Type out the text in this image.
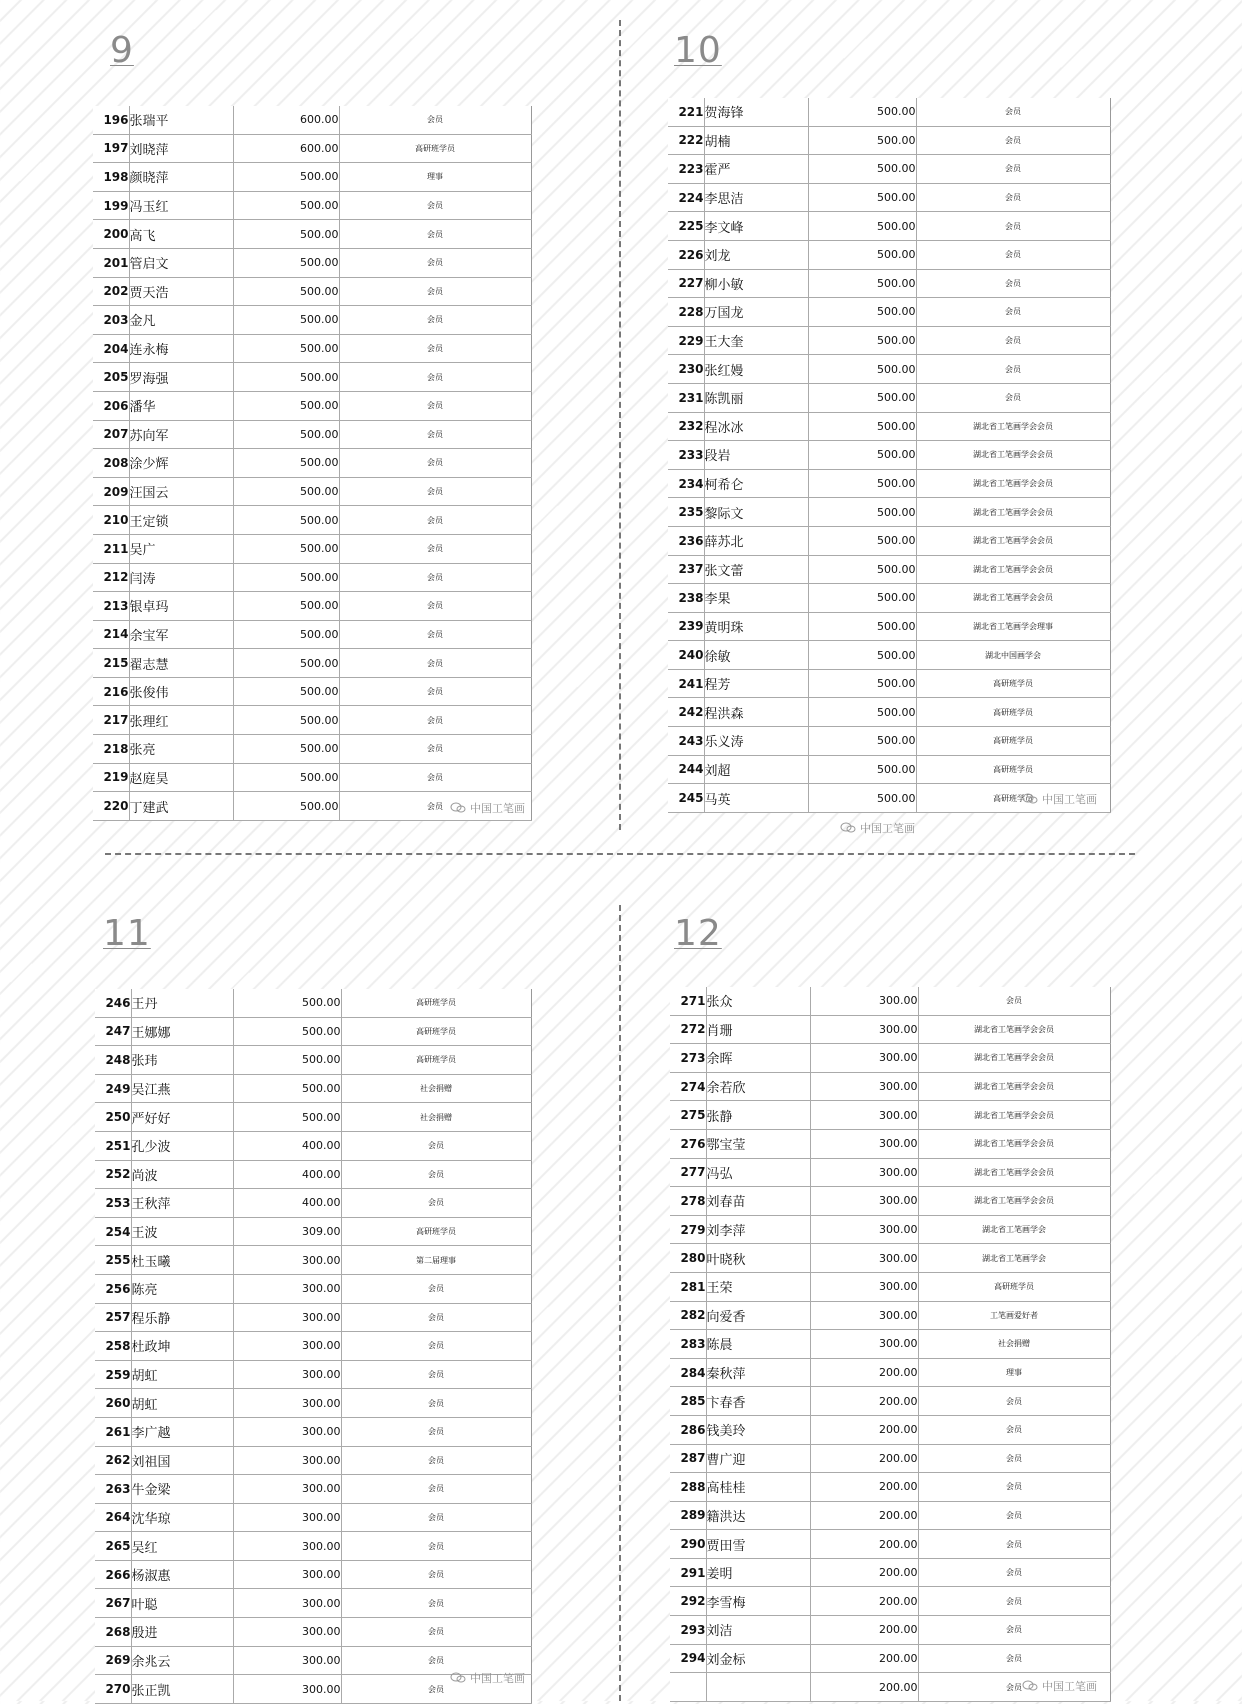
9
196	张瑞平	600.00	会员
197	刘晓萍	600.00	高研班学员
198	颜晓萍	500.00	理事
199	冯玉红	500.00	会员
200	高飞	500.00	会员
201	管启文	500.00	会员
202	贾天浩	500.00	会员
203	金凡	500.00	会员
204	连永梅	500.00	会员
205	罗海强	500.00	会员
206	潘华	500.00	会员
207	苏向军	500.00	会员
208	涂少辉	500.00	会员
209	汪国云	500.00	会员
210	王定锁	500.00	会员
211	吴广	500.00	会员
212	闫涛	500.00	会员
213	银卓玛	500.00	会员
214	余宝军	500.00	会员
215	翟志慧	500.00	会员
216	张俊伟	500.00	会员
217	张理红	500.00	会员
218	张亮	500.00	会员
219	赵庭昊	500.00	会员
220	丁建武	500.00	会员	中国工笔画
10
221	贺海锋	500.00	会员
222	胡楠	500.00	会员
223	霍严	500.00	会员
224	李思洁	500.00	会员
225	李文峰	500.00	会员
226	刘龙	500.00	会员
227	柳小敏	500.00	会员
228	万国龙	500.00	会员
229	王大奎	500.00	会员
230	张红嫚	500.00	会员
231	陈凯丽	500.00	会员
232	程冰冰	500.00	湖北省工笔画学会会员
233	段岩	500.00	湖北省工笔画学会会员
234	柯希仑	500.00	湖北省工笔画学会会员
235	黎际文	500.00	湖北省工笔画学会会员
236	薛苏北	500.00	湖北省工笔画学会会员
237	张文蕾	500.00	湖北省工笔画学会会员
238	李果	500.00	湖北省工笔画学会会员
239	黄明珠	500.00	湖北省工笔画学会理事
240	徐敏	500.00	湖北中国画学会
241	程芳	500.00	高研班学员
242	程洪森	500.00	高研班学员
243	乐义涛	500.00	高研班学员
244	刘超	500.00	高研班学员
245	马英	500.00	高研班学员 中国工笔画
中国工笔画
11
246	王丹	500.00	高研班学员
247	王娜娜	500.00	高研班学员
248	张玮	500.00	高研班学员
249	吴江燕	500.00	社会捐赠
250	严好好	500.00	社会捐赠
251	孔少波	400.00	会员
252	尚波	400.00	会员
253	王秋萍	400.00	会员
254	王波	309.00	高研班学员
255	杜玉曦	300.00	第二届理事
256	陈亮	300.00	会员
257	程乐静	300.00	会员
258	杜政坤	300.00	会员
259	胡虹	300.00	会员
260	胡虹	300.00	会员
261	李广越	300.00	会员
262	刘祖国	300.00	会员
263	牛金梁	300.00	会员
264	沈华琼	300.00	会员
265	吴红	300.00	会员
266	杨淑惠	300.00	会员
267	叶聪	300.00	会员
268	殷进	300.00	会员
269	余兆云	300.00	会员
270	张正凯	300.00	会员
中国工笔画
12
271	张众	300.00	会员
272	肖珊	300.00	湖北省工笔画学会会员
273	余晖	300.00	湖北省工笔画学会会员
274	余若欣	300.00	湖北省工笔画学会会员
275	张静	300.00	湖北省工笔画学会会员
276	鄂宝莹	300.00	湖北省工笔画学会会员
277	冯弘	300.00	湖北省工笔画学会会员
278	刘春苗	300.00	湖北省工笔画学会会员
279	刘李萍	300.00	湖北省工笔画学会
280	叶晓秋	300.00	湖北省工笔画学会
281	王荣	300.00	高研班学员
282	向爱香	300.00	工笔画爱好者
283	陈晨	300.00	社会捐赠
284	秦秋萍	200.00	理事
285	卞春香	200.00	会员
286	钱美玲	200.00	会员
287	曹广迎	200.00	会员
288	高桂桂	200.00	会员
289	籍洪达	200.00	会员
290	贾田雪	200.00	会员
291	姜明	200.00	会员
292	李雪梅	200.00	会员
293	刘洁	200.00	会员
294	刘金标	200.00	会员
		200.00	会员	中国工笔画
